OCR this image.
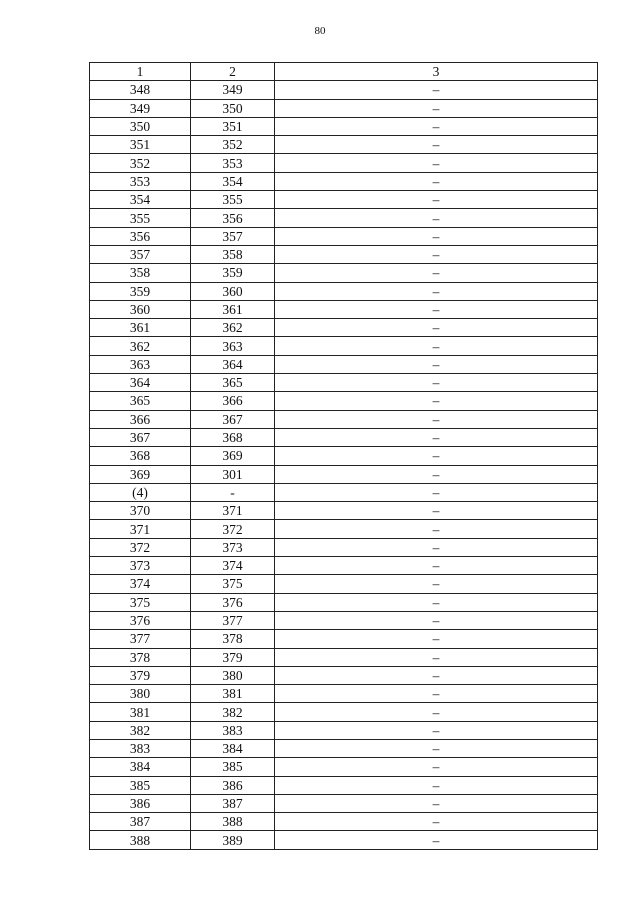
80
1	2	3
348	349	–
349	350	–
350	351	–
351	352	–
352	353	–
353	354	–
354	355	–
355	356	–
356	357	–
357	358	–
358	359	–
359	360	–
360	361	–
361	362	–
362	363	–
363	364	–
364	365	–
365	366	–
366	367	–
367	368	–
368	369	–
369	301	–
(4)	-	–
370	371	–
371	372	–
372	373	–
373	374	–
374	375	–
375	376	–
376	377	–
377	378	–
378	379	–
379	380	–
380	381	–
381	382	–
382	383	–
383	384	–
384	385	–
385	386	–
386	387	–
387	388	–
388	389	–
